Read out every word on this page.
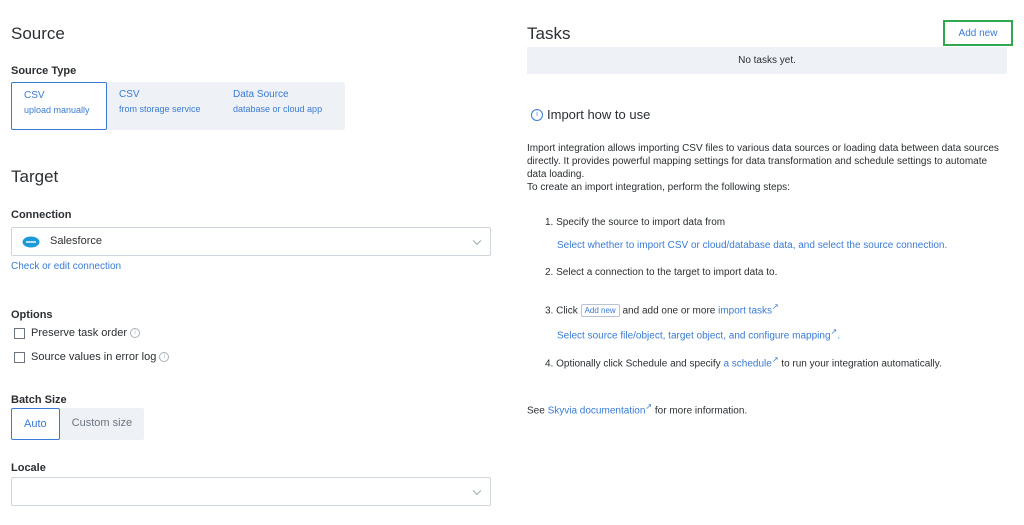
Source
Source Type
CSV
upload manually
CSV
from storage service
Data Source
database or cloud app
Target
Connection
Salesforce
Check or edit connection
Options
Preserve task order	i
Source values in error log	i
Batch Size
Auto	Custom size
Locale
Tasks	Add new
No tasks yet.
i Import how to use
Import integration allows importing CSV files to various data sources or loading data between data sources directly. It provides powerful mapping settings for data transformation and schedule settings to automate data loading.
To create an import integration, perform the following steps:
1. Specify the source to import data from
Select whether to import CSV or cloud/database data, and select the source connection.
2. Select a connection to the target to import data to.
3. Click Add new and add one or more import tasks↗
Select source file/object, target object, and configure mapping↗.
4. Optionally click Schedule and specify a schedule↗ to run your integration automatically.
See Skyvia documentation↗ for more information.
